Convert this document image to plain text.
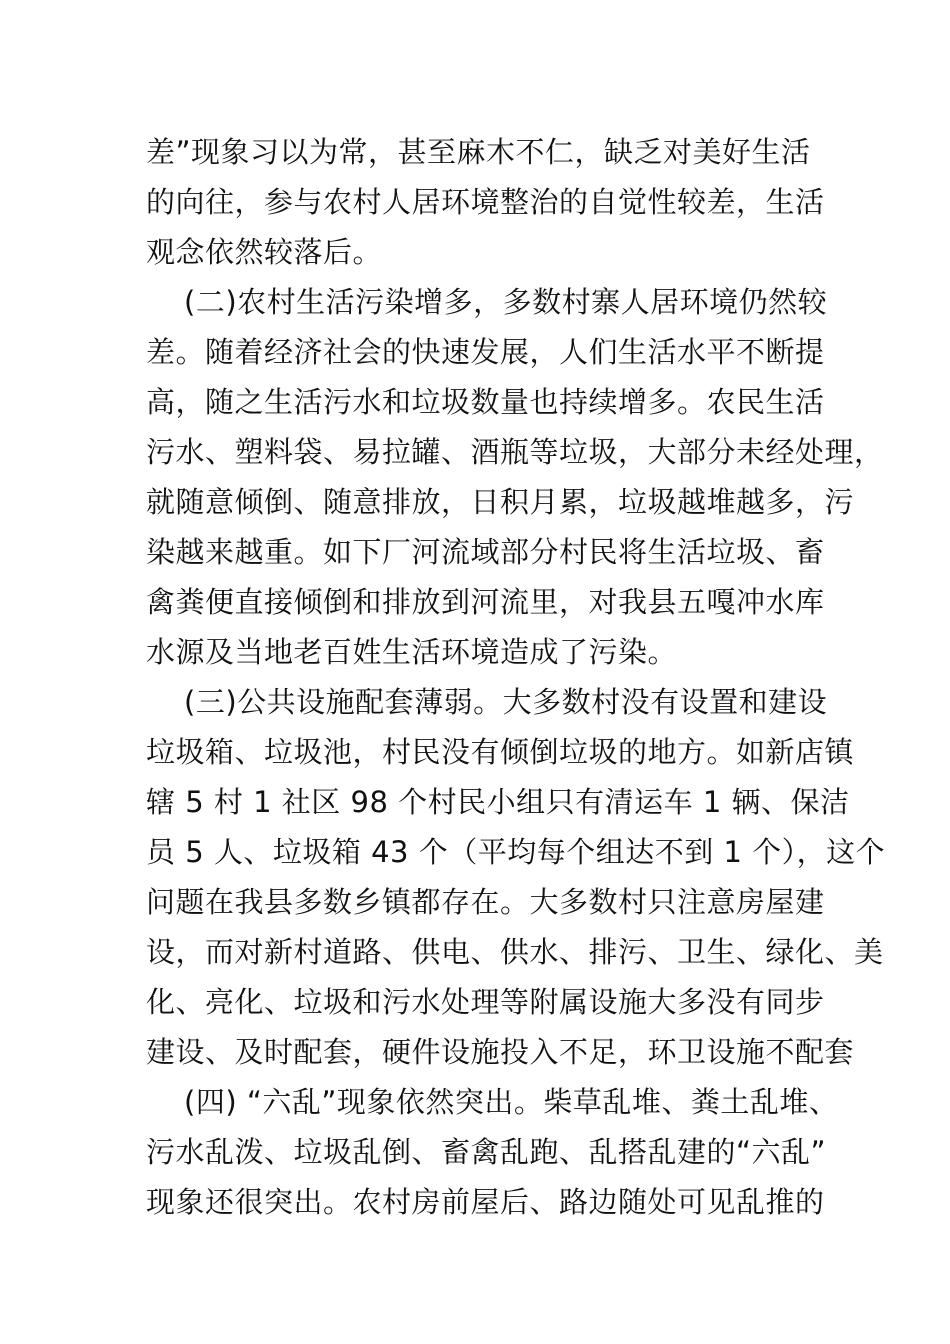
差”现象习以为常，甚至麻木不仁，缺乏对美好生活
的向往，参与农村人居环境整治的自觉性较差，生活
观念依然较落后。
(二)农村生活污染增多，多数村寨人居环境仍然较
差。随着经济社会的快速发展，人们生活水平不断提
高，随之生活污水和垃圾数量也持续增多。农民生活
污水、塑料袋、易拉罐、酒瓶等垃圾，大部分未经处理，
就随意倾倒、随意排放，日积月累，垃圾越堆越多，污
染越来越重。如下厂河流域部分村民将生活垃圾、畜
禽粪便直接倾倒和排放到河流里，对我县五嘎冲水库
水源及当地老百姓生活环境造成了污染。
(三)公共设施配套薄弱。大多数村没有设置和建设
垃圾箱、垃圾池，村民没有倾倒垃圾的地方。如新店镇
辖 5 村 1 社区 98 个村民小组只有清运车 1 辆、保洁
员 5 人、垃圾箱 43 个（平均每个组达不到 1 个），这个
问题在我县多数乡镇都存在。大多数村只注意房屋建
设，而对新村道路、供电、供水、排污、卫生、绿化、美
化、亮化、垃圾和污水处理等附属设施大多没有同步
建设、及时配套，硬件设施投入不足，环卫设施不配套
(四) “六乱”现象依然突出。柴草乱堆、粪土乱堆、
污水乱泼、垃圾乱倒、畜禽乱跑、乱搭乱建的“六乱”
现象还很突出。农村房前屋后、路边随处可见乱推的
